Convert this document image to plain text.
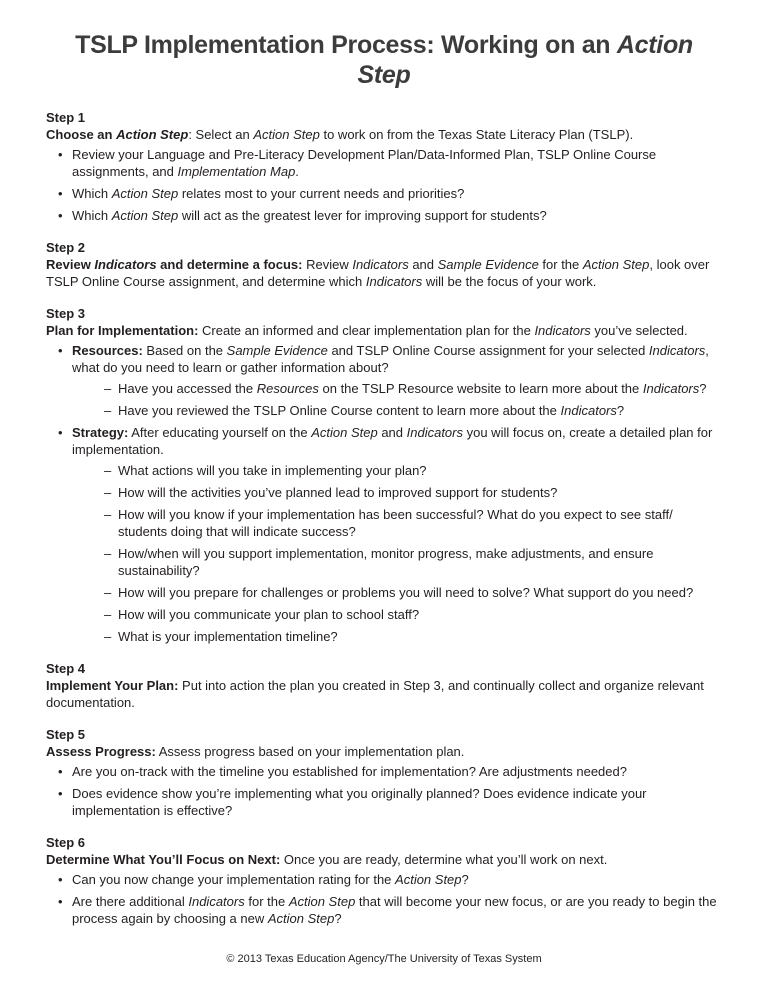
TSLP Implementation Process: Working on an Action Step

Step 1

Choose an Action Step: Select an Action Step to work on from the Texas State Literacy Plan (TSLP).

• Review your Language and Pre-Literacy Development Plan/Data-Informed Plan, TSLP Online Course assignments, and Implementation Map.
• Which Action Step relates most to your current needs and priorities?
• Which Action Step will act as the greatest lever for improving support for students?

Step 2

Review Indicators and determine a focus: Review Indicators and Sample Evidence for the Action Step, look over TSLP Online Course assignment, and determine which Indicators will be the focus of your work.

Step 3

Plan for Implementation: Create an informed and clear implementation plan for the Indicators you’ve selected.

• Resources: Based on the Sample Evidence and TSLP Online Course assignment for your selected Indicators, what do you need to learn or gather information about?
– Have you accessed the Resources on the TSLP Resource website to learn more about the Indicators?
– Have you reviewed the TSLP Online Course content to learn more about the Indicators?
• Strategy: After educating yourself on the Action Step and Indicators you will focus on, create a detailed plan for implementation.
– What actions will you take in implementing your plan?
– How will the activities you’ve planned lead to improved support for students?
– How will you know if your implementation has been successful? What do you expect to see staff/ students doing that will indicate success?
– How/when will you support implementation, monitor progress, make adjustments, and ensure sustainability?
– How will you prepare for challenges or problems you will need to solve? What support do you need?
– How will you communicate your plan to school staff?
– What is your implementation timeline?

Step 4

Implement Your Plan: Put into action the plan you created in Step 3, and continually collect and organize relevant documentation.

Step 5

Assess Progress: Assess progress based on your implementation plan.

• Are you on-track with the timeline you established for implementation? Are adjustments needed?
• Does evidence show you’re implementing what you originally planned? Does evidence indicate your implementation is effective?

Step 6

Determine What You’ll Focus on Next: Once you are ready, determine what you’ll work on next.

• Can you now change your implementation rating for the Action Step?
• Are there additional Indicators for the Action Step that will become your new focus, or are you ready to begin the process again by choosing a new Action Step?
© 2013 Texas Education Agency/The University of Texas System
